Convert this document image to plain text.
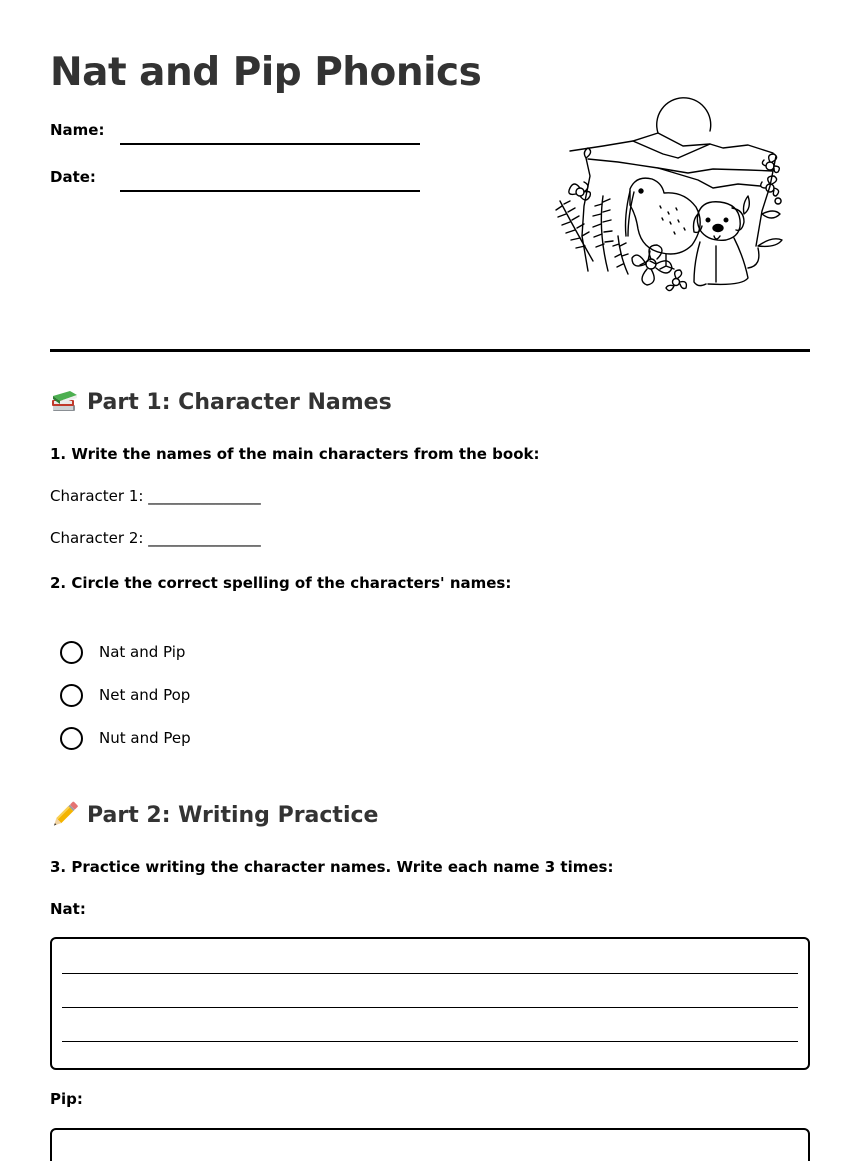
Nat and Pip Phonics
Name:
Date:
Part 1: Character Names
1. Write the names of the main characters from the book:
Character 1: _______________
Character 2: _______________
2. Circle the correct spelling of the characters' names:
Nat and Pip
Net and Pop
Nut and Pep
Part 2: Writing Practice
3. Practice writing the character names. Write each name 3 times:
Nat:
Pip:
